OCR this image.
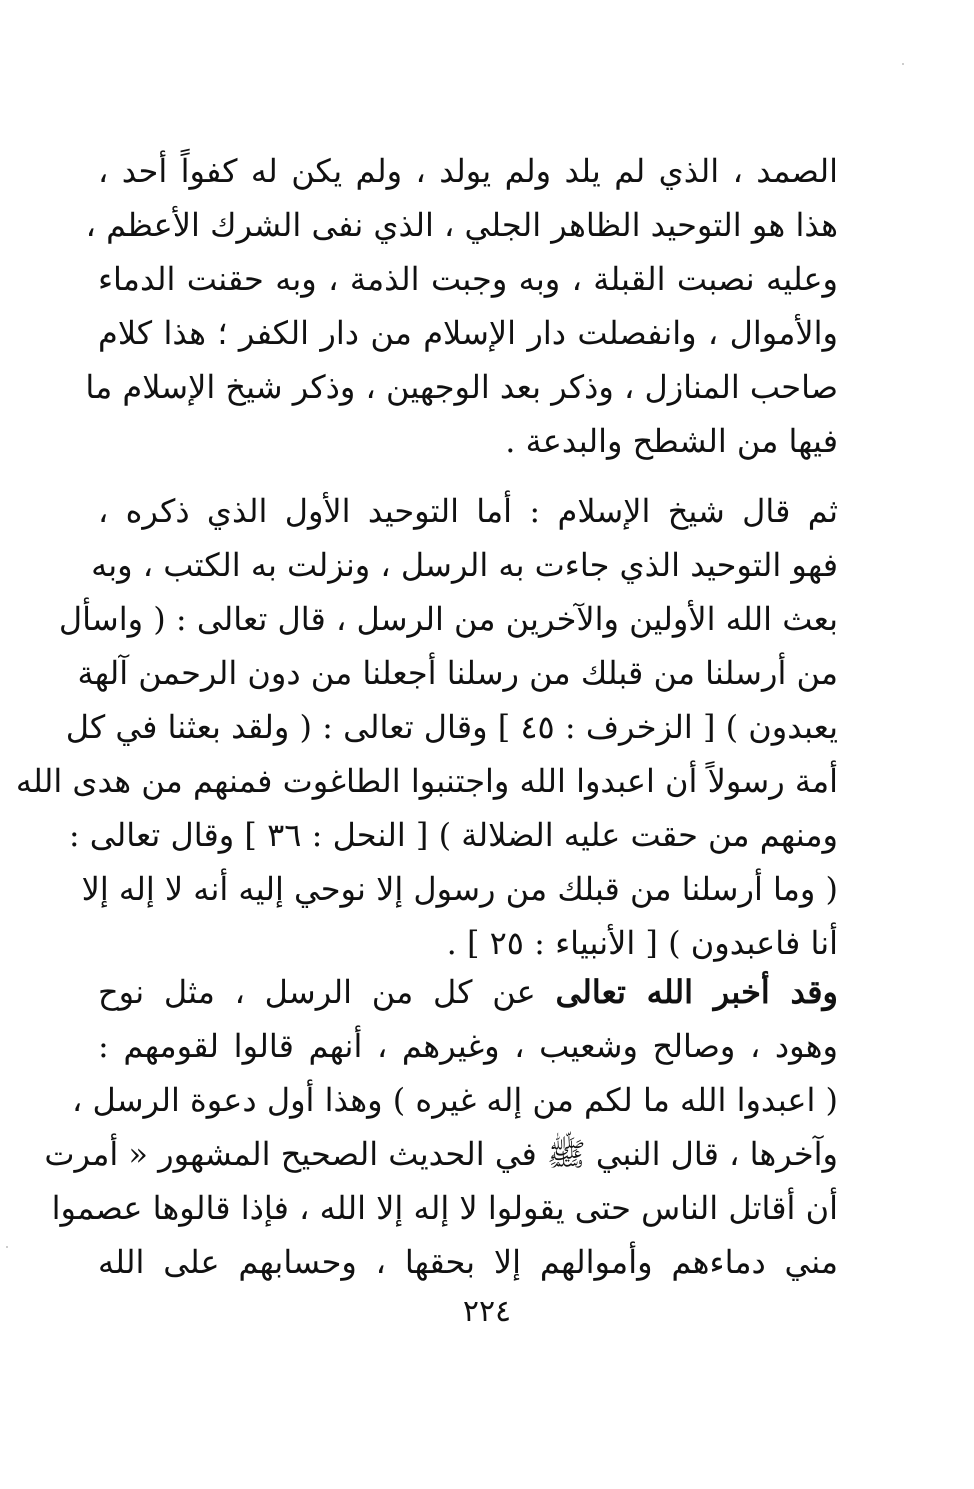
الصمد ، الذي لم يلد ولم يولد ، ولم يكن له كفواً أحد ،
هذا هو التوحيد الظاهر الجلي ، الذي نفى الشرك الأعظم ،
وعليه نصبت القبلة ، وبه وجبت الذمة ، وبه حقنت الدماء
والأموال ، وانفصلت دار الإسلام من دار الكفر ؛ هذا كلام
صاحب المنازل ، وذكر بعد الوجهين ، وذكر شيخ الإسلام ما
فيها من الشطح والبدعة .
ثم قال شيخ الإسلام : أما التوحيد الأول الذي ذكره ،
فهو التوحيد الذي جاءت به الرسل ، ونزلت به الكتب ، وبه
بعث الله الأولين والآخرين من الرسل ، قال تعالى : ( واسأل
من أرسلنا من قبلك من رسلنا أجعلنا من دون الرحمن آلهة
يعبدون ) [ الزخرف : ٤٥ ] وقال تعالى : ( ولقد بعثنا في كل
أمة رسولاً أن اعبدوا الله واجتنبوا الطاغوت فمنهم من هدى الله
ومنهم من حقت عليه الضلالة ) [ النحل : ٣٦ ] وقال تعالى :
( وما أرسلنا من قبلك من رسول إلا نوحي إليه أنه لا إله إلا
أنا فاعبدون ) [ الأنبياء : ٢٥ ] .
وقد أخبر الله تعالى عن كل من الرسل ، مثل نوح
وهود ، وصالح وشعيب ، وغيرهم ، أنهم قالوا لقومهم :
( اعبدوا الله ما لكم من إله غيره ) وهذا أول دعوة الرسل ،
وآخرها ، قال النبي ﷺ في الحديث الصحيح المشهور « أمرت
أن أقاتل الناس حتى يقولوا لا إله إلا الله ، فإذا قالوها عصموا
مني دماءهم وأموالهم إلا بحقها ، وحسابهم على الله
٢٢٤
